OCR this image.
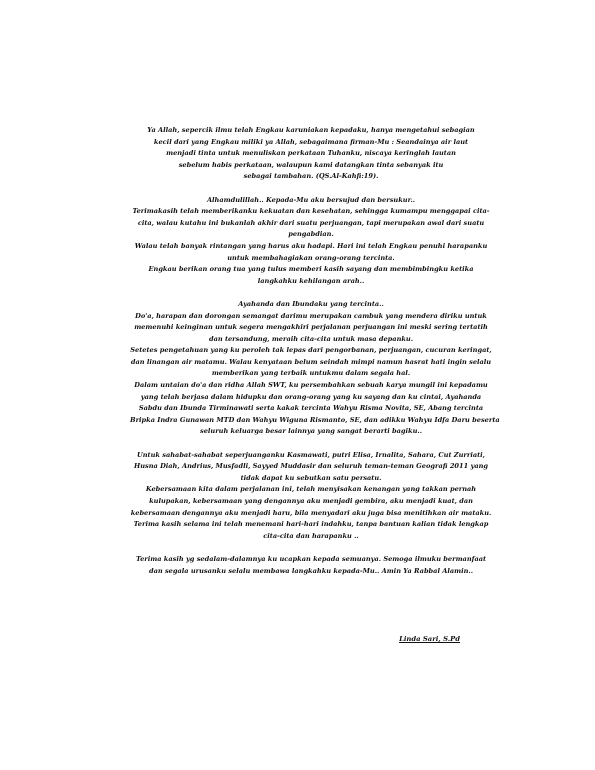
Ya Allah, sepercik ilmu telah Engkau karuniakan kepadaku, hanya mengetahui sebagian
kecil dari yang Engkau miliki ya Allah, sebagaimana firman-Mu : Seandainya air laut
menjadi tinta untuk menuliskan perkataan Tuhanku, niscaya keringlah lautan
sebelum habis perkataan, walaupun kami datangkan tinta sebanyak itu
sebagai tambahan. (QS.Al-Kahfi:19).
Alhamdulillah.. Kepada-Mu aku bersujud dan bersukur..
Terimakasih telah memberikanku kekuatan dan kesehatan, sehingga kumampu menggapai cita-
cita, walau kutahu ini bukanlah akhir dari suatu perjuangan, tapi merupakan awal dari suatu
pengabdian.
Walau telah banyak rintangan yang harus aku hadapi. Hari ini telah Engkau penuhi harapanku
untuk membahagiakan orang-orang tercinta.
Engkau berikan orang tua yang tulus memberi kasih sayang dan membimbingku ketika
langkahku kehilangan arah..
Ayahanda dan Ibundaku yang tercinta..
Do'a, harapan dan dorongan semangat darimu merupakan cambuk yang mendera diriku untuk
memenuhi keinginan untuk segera mengakhiri perjalanan perjuangan ini meski sering tertatih
dan tersandung, meraih cita-cita untuk masa depanku.
Setetes pengetahuan yang ku peroleh tak lepas dari pengorbanan, perjuangan, cucuran keringat,
dan linangan air matamu. Walau kenyataan belum seindah mimpi namun hasrat hati ingin selalu
memberikan yang terbaik untukmu dalam segala hal.
Dalam untaian do'a dan ridha Allah SWT, ku persembahkan sebuah karya mungil ini kepadamu
yang telah berjasa dalam hidupku dan orang-orang yang ku sayang dan ku cintai, Ayahanda
Sabdu dan Ibunda Tirminawati serta kakak tercinta Wahyu Risma Novita, SE, Abang tercinta
Bripka Indra Gunawan MTD dan Wahyu Wiguna Rismanto, SE, dan adikku Wahyu Idfa Daru beserta
seluruh keluarga besar lainnya yang sangat berarti bagiku..
Untuk sahabat-sahabat seperjuanganku Kasmawati, putri Elisa, Irnalita, Sahara, Cut Zurriati,
Husna Diah, Andrius, Musfadli, Sayyed Muddasir dan seluruh teman-teman Geografi 2011 yang
tidak dapat ku sebutkan satu persatu.
Kebersamaan kita dalam perjalanan ini, telah menyisakan kenangan yang takkan pernah
kulupakan, kebersamaan yang dengannya aku menjadi gembira, aku menjadi kuat, dan
kebersamaan dengannya aku menjadi haru, bila menyadari aku juga bisa menitihkan air mataku.
Terima kasih selama ini telah menemani hari-hari indahku, tanpa bantuan kalian tidak lengkap
cita-cita dan harapanku ..
Terima kasih yg sedalam-dalamnya ku ucapkan kepada semuanya. Semoga ilmuku bermanfaat
dan segala urusanku selalu membawa langkahku kepada-Mu.. Amin Ya Rabbal Alamin..
Linda Sari, S.Pd
